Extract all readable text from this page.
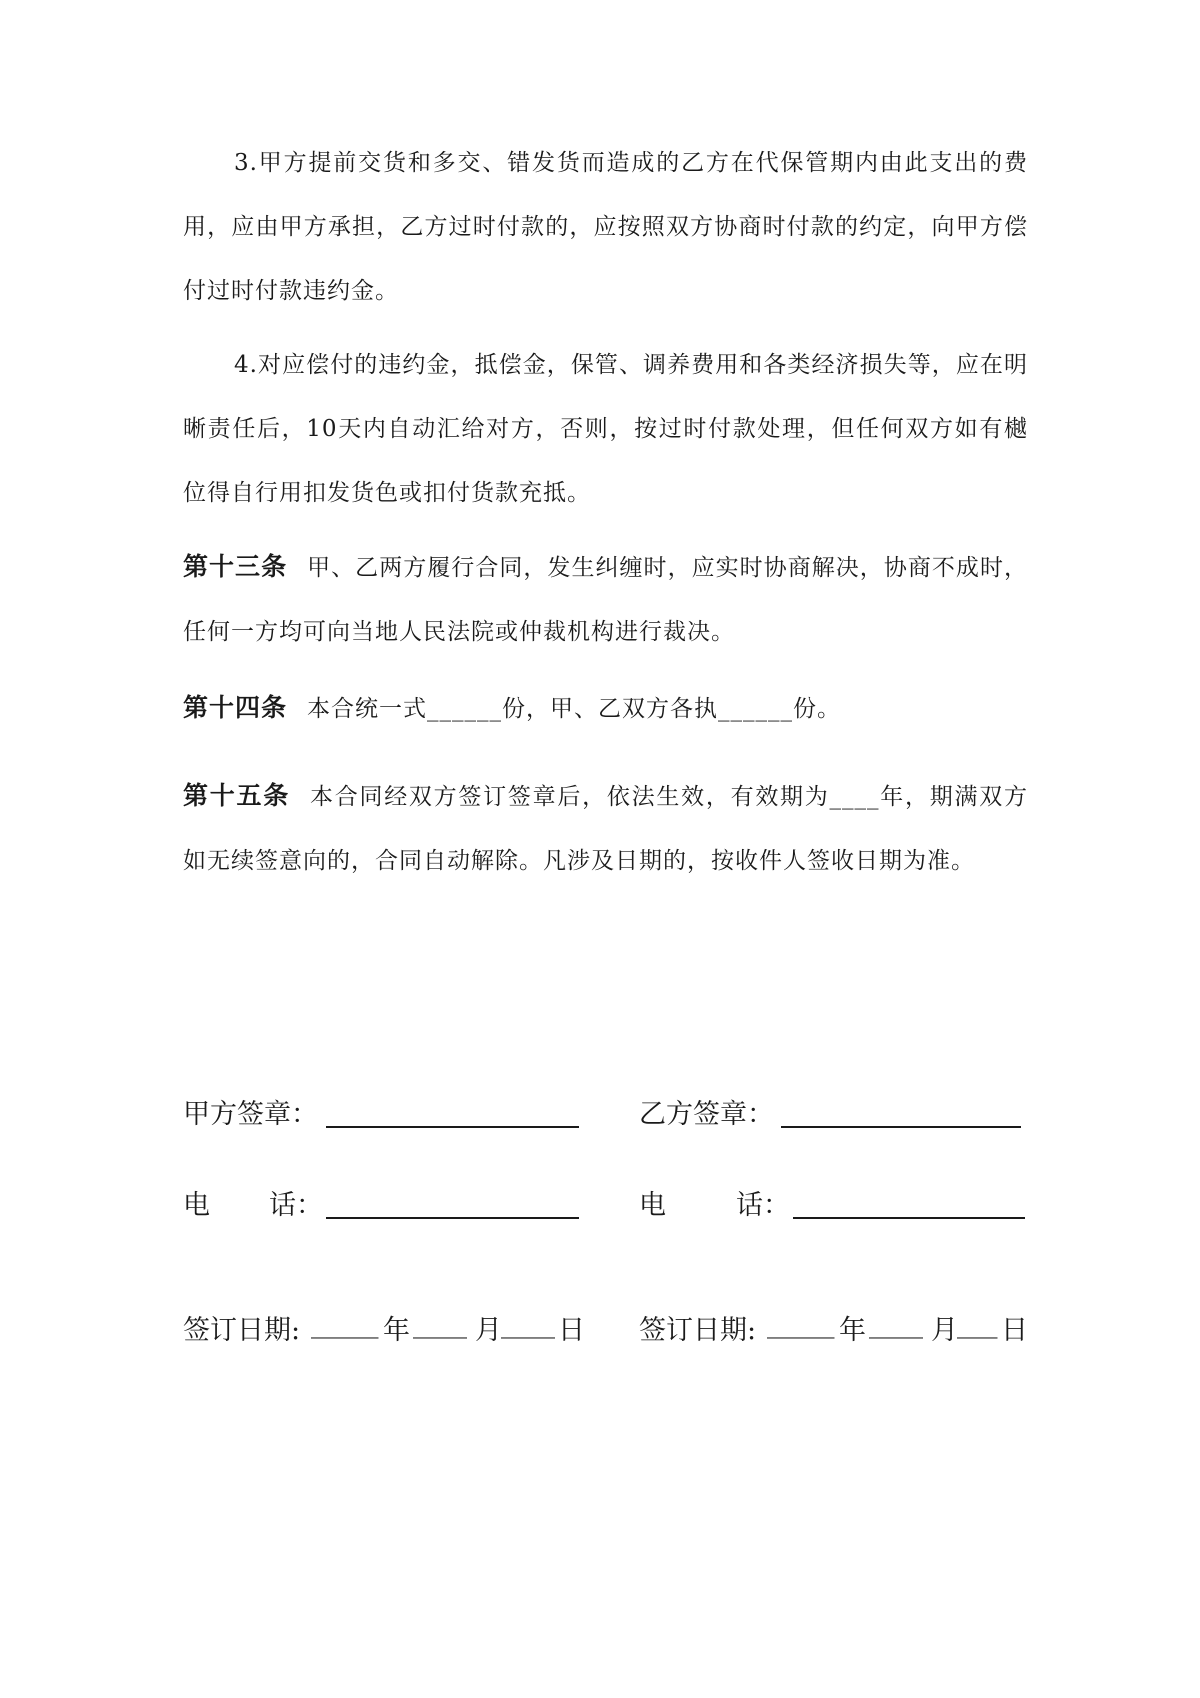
3.甲方提前交货和多交、错发货而造成的乙方在代保管期内由此支出的费用，应由甲方承担，乙方过时付款的，应按照双方协商时付款的约定，向甲方偿付过时付款违约金。
4.对应偿付的违约金，抵偿金，保管、调养费用和各类经济损失等，应在明晰责任后，10天内自动汇给对方，否则，按过时付款处理，但任何双方如有樾位得自行用扣发货色或扣付货款充抵。
第十三条 甲、乙两方履行合同，发生纠缠时，应实时协商解决，协商不成时，任何一方均可向当地人民法院或仲裁机构进行裁决。
第十四条 本合统一式______份，甲、乙双方各执______份。
第十五条 本合同经双方签订签章后，依法生效，有效期为____年，期满双方如无续签意向的，合同自动解除。凡涉及日期的，按收件人签收日期为准。
甲方签章：	乙方签章：
电 话：	电	话：
签订日期: _____ 年 ____ 月 ____ 日 签订日期: _____ 年 ____ 月 ___ 日
